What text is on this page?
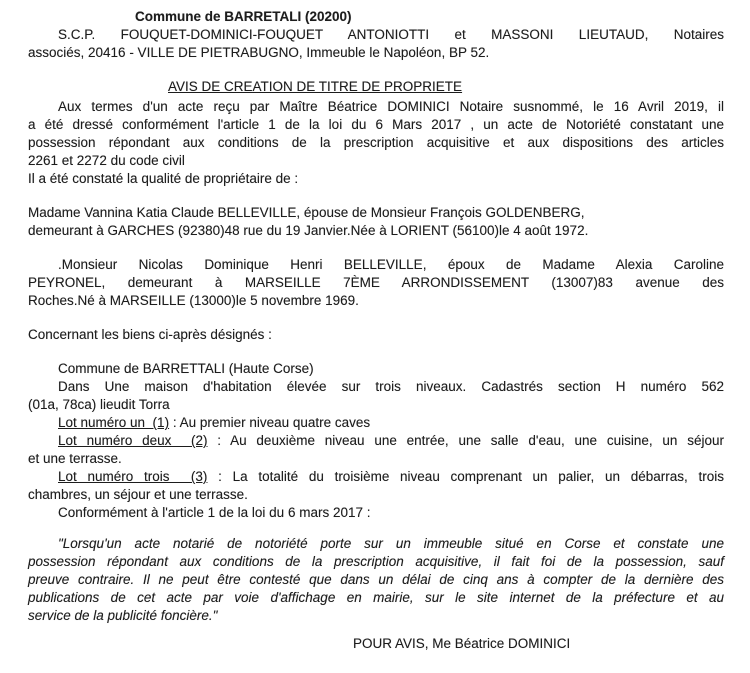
Commune de BARRETALI (20200)
S.C.P. FOUQUET-DOMINICI-FOUQUET ANTONIOTTI et MASSONI LIEUTAUD, Notaires
associés, 20416 - VILLE DE PIETRABUGNO, Immeuble le Napoléon, BP 52.
AVIS DE CREATION DE TITRE DE PROPRIETE
Aux termes d'un acte reçu par Maître Béatrice DOMINICI Notaire susnommé, le 16 Avril 2019, il
a été dressé conformément l'article 1 de la loi du 6 Mars 2017 , un acte de Notoriété constatant une
possession répondant aux conditions de la prescription acquisitive et aux dispositions des articles
2261 et 2272 du code civil
Il a été constaté la qualité de propriétaire de :
Madame Vannina Katia Claude BELLEVILLE, épouse de Monsieur François GOLDENBERG,
demeurant à GARCHES (92380)48 rue du 19 Janvier.Née à LORIENT (56100)le 4 août 1972.
.Monsieur Nicolas Dominique Henri BELLEVILLE, époux de Madame Alexia Caroline
PEYRONEL, demeurant à MARSEILLE 7ÈME ARRONDISSEMENT (13007)83 avenue des
Roches.Né à MARSEILLE (13000)le 5 novembre 1969.
Concernant les biens ci-après désignés :
Commune de BARRETTALI (Haute Corse)
Dans Une maison d'habitation élevée sur trois niveaux. Cadastrés section H numéro 562
(01a, 78ca) lieudit Torra
Lot numéro un  (1) : Au premier niveau quatre caves
Lot numéro deux  (2) : Au deuxième niveau une entrée, une salle d'eau, une cuisine, un séjour
et une terrasse.
Lot numéro trois  (3) : La totalité du troisième niveau comprenant un palier, un débarras, trois
chambres, un séjour et une terrasse.
Conformément à l'article 1 de la loi du 6 mars 2017 :
"Lorsqu'un acte notarié de notoriété porte sur un immeuble situé en Corse et constate une
possession répondant aux conditions de la prescription acquisitive, il fait foi de la possession, sauf
preuve contraire. Il ne peut être contesté que dans un délai de cinq ans à compter de la dernière des
publications de cet acte par voie d'affichage en mairie, sur le site internet de la préfecture et au
service de la publicité foncière."
POUR AVIS, Me Béatrice DOMINICI
